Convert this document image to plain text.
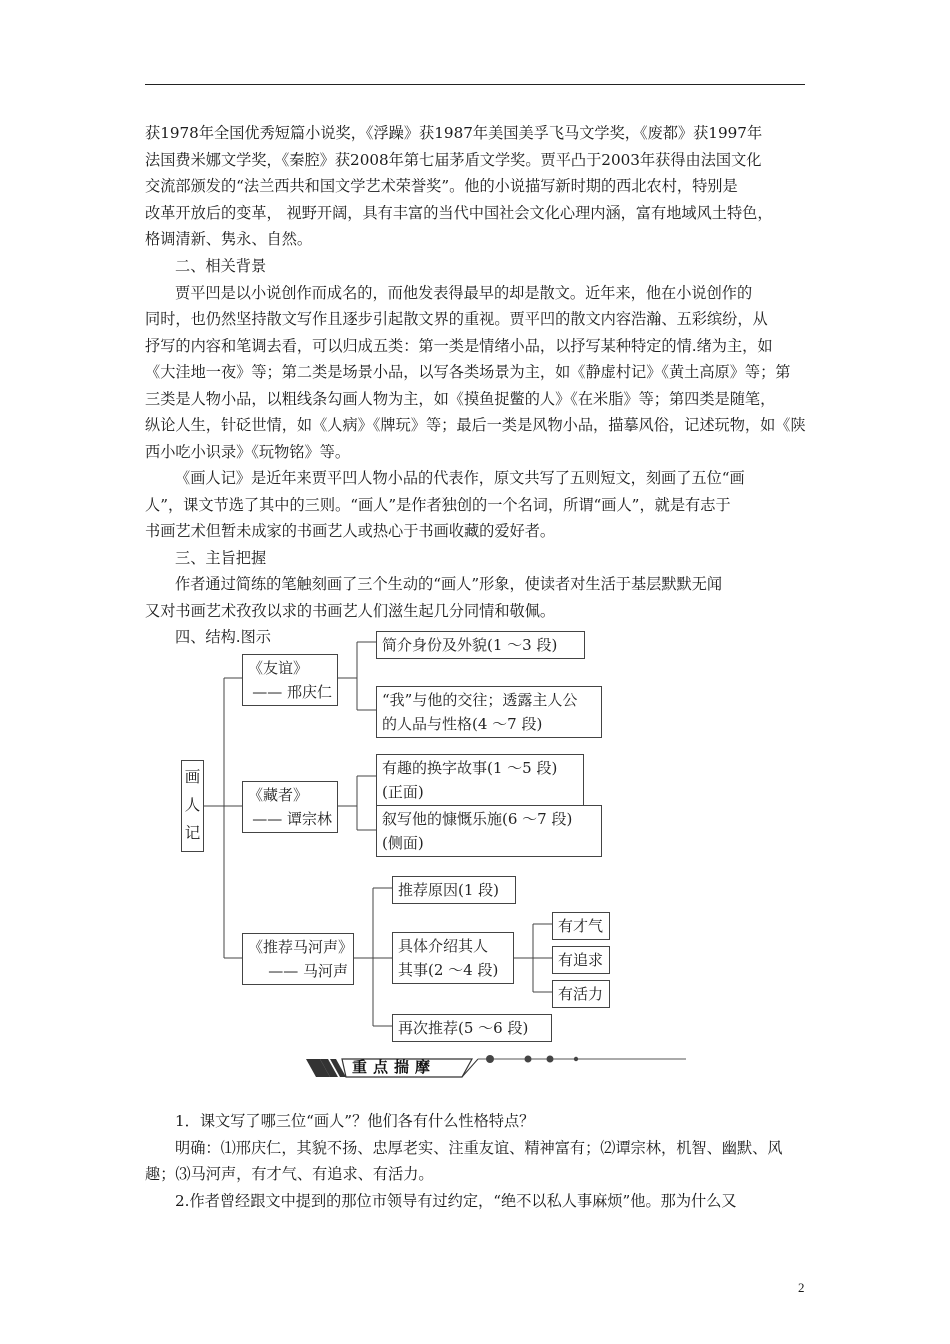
获1978年全国优秀短篇小说奖，《浮躁》获1987年美国美孚飞马文学奖，《废都》获1997年
法国费米娜文学奖，《秦腔》获2008年第七届茅盾文学奖。贾平凸于2003年获得由法国文化
交流部颁发的“法兰西共和国文学艺术荣誉奖”。他的小说描写新时期的西北农村，特别是
改革开放后的变革， 视野开阔，具有丰富的当代中国社会文化心理内涵，富有地域风土特色，
格调清新、隽永、自然。
二、相关背景
贾平凹是以小说创作而成名的，而他发表得最早的却是散文。近年来，他在小说创作的
同时，也仍然坚持散文写作且逐步引起散文界的重视。贾平凹的散文内容浩瀚、五彩缤纷，从
抒写的内容和笔调去看，可以归成五类：第一类是情绪小品，以抒写某种特定的情.绪为主，如
《大洼地一夜》等；第二类是场景小品，以写各类场景为主，如《静虚村记》《黄土高原》等；第
三类是人物小品，以粗线条勾画人物为主，如《摸鱼捉鳖的人》《在米脂》等；第四类是随笔，
纵论人生，针砭世情，如《人病》《牌玩》等；最后一类是风物小品，描摹风俗，记述玩物，如《陕
西小吃小识录》《玩物铭》等。
《画人记》是近年来贾平凹人物小品的代表作，原文共写了五则短文，刻画了五位“画
人”，课文节选了其中的三则。“画人”是作者独创的一个名词，所谓“画人”，就是有志于
书画艺术但暂未成家的书画艺人或热心于书画收藏的爱好者。
三、主旨把握
作者通过简练的笔触刻画了三个生动的“画人”形象，使读者对生活于基层默默无闻
又对书画艺术孜孜以求的书画艺人们滋生起几分同情和敬佩。
四、结构.图示
画
人
记
《友谊》
—— 邢庆仁
简介身份及外貌(1 ～3 段)
“我”与他的交往；透露主人公
的人品与性格(4 ～7 段)
《藏者》
—— 谭宗林
有趣的换字故事(1 ～5 段)
(正面)
叙写他的慷慨乐施(6 ～7 段)
(侧面)
《推荐马河声》
—— 马河声
推荐原因(1 段)
具体介绍其人
其事(2 ～4 段)
再次推荐(5 ～6 段)
有才气
有追求
有活力
重点揣摩
1．课文写了哪三位“画人”？他们各有什么性格特点？
明确：⑴邢庆仁，其貌不扬、忠厚老实、注重友谊、精神富有；⑵谭宗林，机智、幽默、风
趣；⑶马河声，有才气、有追求、有活力。
2.作者曾经跟文中提到的那位市领导有过约定，“绝不以私人事麻烦”他。那为什么又
2
